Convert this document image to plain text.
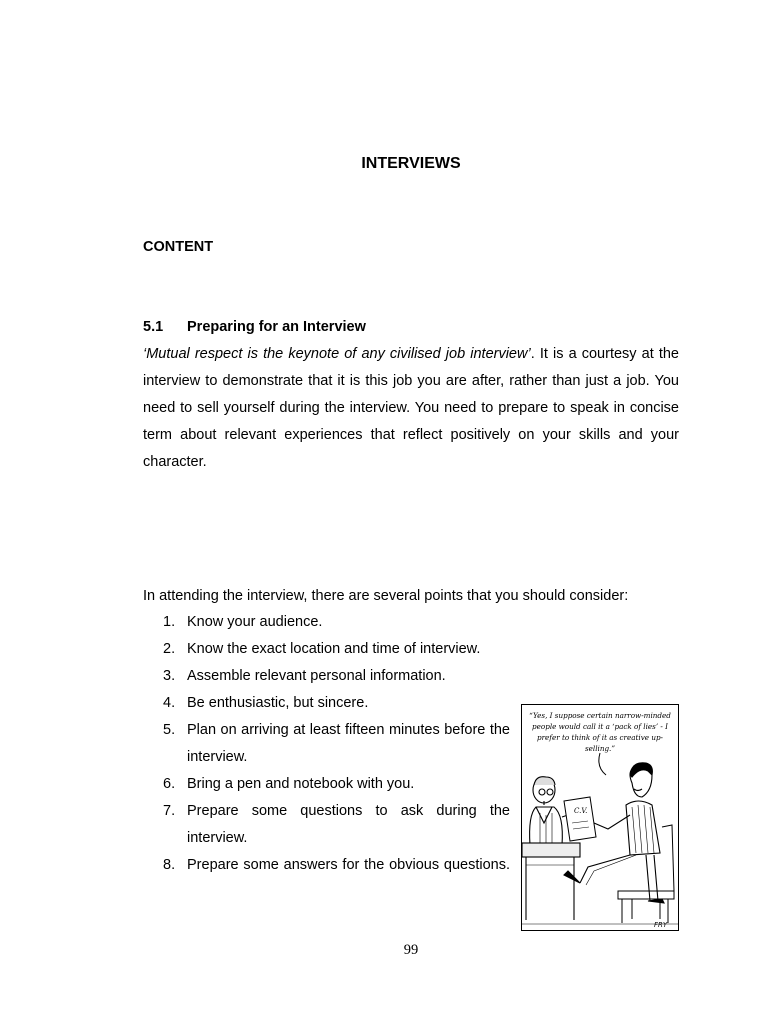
INTERVIEWS
CONTENT
5.1 Preparing for an Interview

‘Mutual respect is the keynote of any civilised job interview’. It is a courtesy at the interview to demonstrate that it is this job you are after, rather than just a job. You need to sell yourself during the interview. You need to prepare to speak in concise term about relevant experiences that reflect positively on your skills and your character.

In attending the interview, there are several points that you should consider:

1. Know your audience.
2. Know the exact location and time of interview.
3. Assemble relevant personal information.
4. Be enthusiastic, but sincere.
5. Plan on arriving at least fifteen minutes before the interview.
6. Bring a pen and notebook with you.
7. Prepare some questions to ask during the interview.
8. Prepare some answers for the obvious questions.
“Yes, I suppose certain narrow-minded people would call it a ‘pack of lies’ - I prefer to think of it as creative up-selling.”
C.V.
FRY
99
